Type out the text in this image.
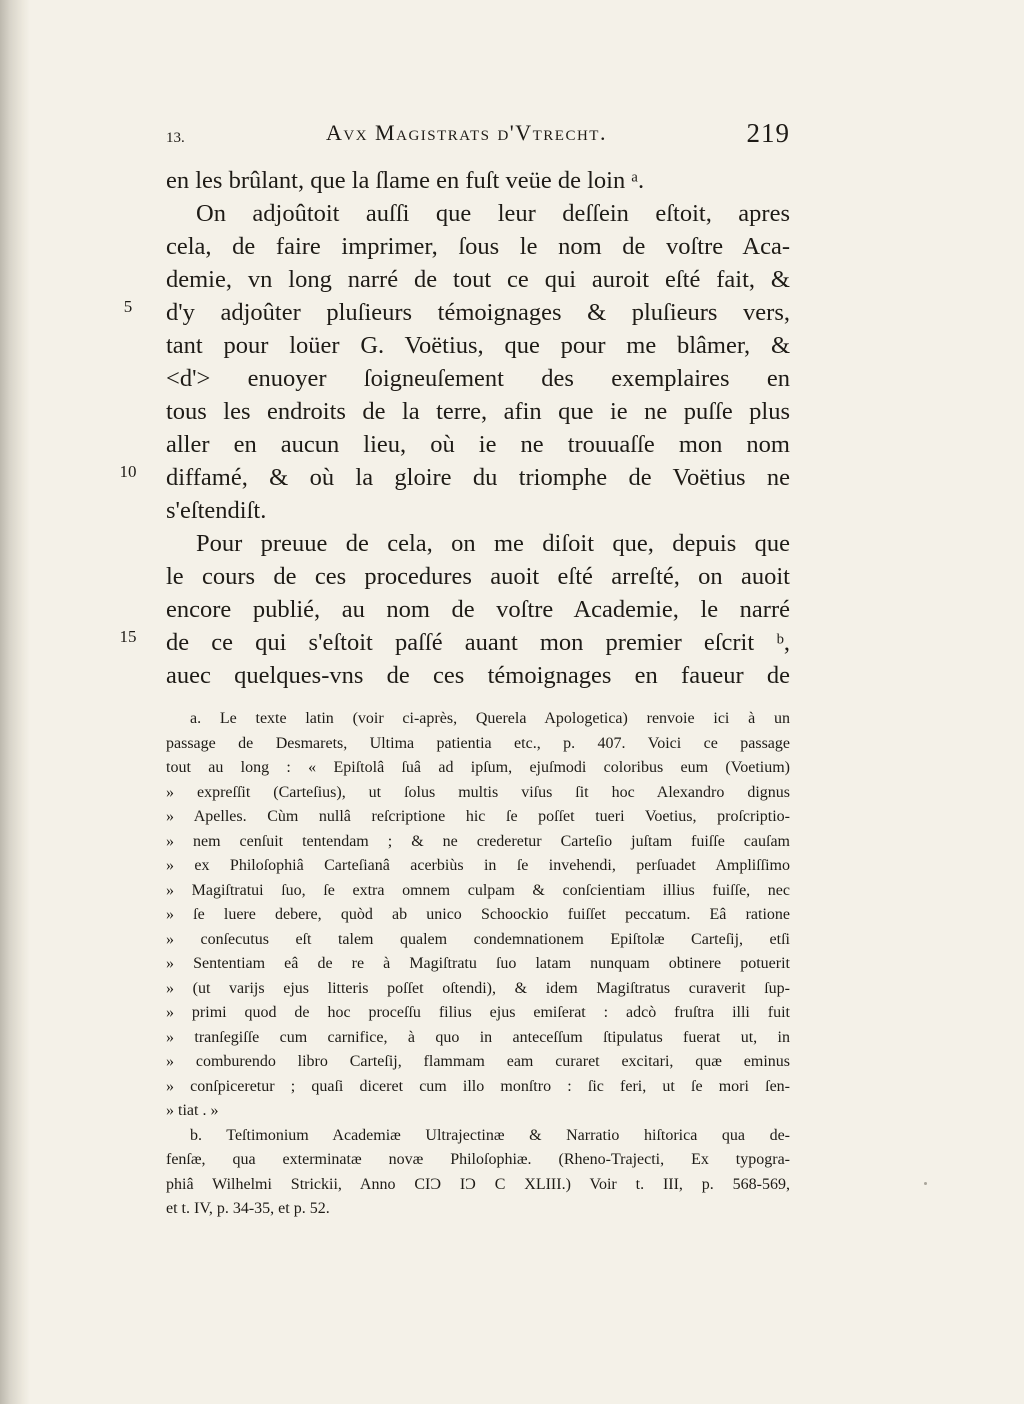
13.	Avx Magistrats d'Vtrecht.	219
5
10
15
en les brûlant, que la ſlame en fuſt veüe de loin ᵃ.
On adjoûtoit auſſi que leur deſſein eſtoit, apres
cela, de faire imprimer, ſous le nom de voſtre Aca-
demie, vn long narré de tout ce qui auroit eſté fait, &
d'y adjoûter pluſieurs témoignages & pluſieurs vers,
tant pour loüer G. Voëtius, que pour me blâmer, &
<d'> enuoyer ſoigneuſement des exemplaires en
tous les endroits de la terre, afin que ie ne puſſe plus
aller en aucun lieu, où ie ne trouuaſſe mon nom
diffamé, & où la gloire du triomphe de Voëtius ne
s'eſtendiſt.
Pour preuue de cela, on me diſoit que, depuis que
le cours de ces procedures auoit eſté arreſté, on auoit
encore publié, au nom de voſtre Academie, le narré
de ce qui s'eſtoit paſſé auant mon premier eſcrit ᵇ,
auec quelques-vns de ces témoignages en faueur de
a. Le texte latin (voir ci-après, Querela Apologetica) renvoie ici à un
passage de Desmarets, Ultima patientia etc., p. 407. Voici ce passage
tout au long : « Epiſtolâ ſuâ ad ipſum, ejuſmodi coloribus eum (Voetium)
» expreſſit (Carteſius), ut ſolus multis viſus ſit hoc Alexandro dignus
» Apelles. Cùm nullâ reſcriptione hic ſe poſſet tueri Voetius, proſcriptio-
» nem cenſuit tentendam ; & ne crederetur Carteſio juſtam fuiſſe cauſam
» ex Philoſophiâ Carteſianâ acerbiùs in ſe invehendi, perſuadet Ampliſſimo
» Magiſtratui ſuo, ſe extra omnem culpam & conſcientiam illius fuiſſe, nec
» ſe luere debere, quòd ab unico Schoockio fuiſſet peccatum. Eâ ratione
» conſecutus eſt talem qualem condemnationem Epiſtolæ Carteſij, etſi
» Sententiam eâ de re à Magiſtratu ſuo latam nunquam obtinere potuerit
» (ut varijs ejus litteris poſſet oſtendi), & idem Magiſtratus curaverit ſup-
» primi quod de hoc proceſſu filius ejus emiſerat : adcò fruſtra illi fuit
» tranſegiſſe cum carnifice, à quo in anteceſſum ſtipulatus fuerat ut, in
» comburendo libro Carteſij, flammam eam curaret excitari, quæ eminus
» conſpiceretur ; quaſi diceret cum illo monſtro : ſic feri, ut ſe mori ſen-
» tiat . »
b. Teſtimonium Academiæ Ultrajectinæ & Narratio hiſtorica qua de-
fenſæ, qua exterminatæ novæ Philoſophiæ. (Rheno-Trajecti, Ex typogra-
phiâ Wilhelmi Strickii, Anno CIƆ IƆ C XLIII.) Voir t. III, p. 568-569,
et t. IV, p. 34-35, et p. 52.
